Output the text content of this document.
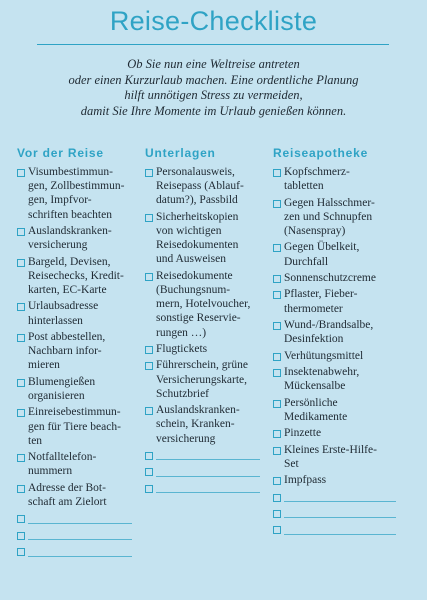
Reise-Checkliste
Ob Sie nun eine Weltreise antreten
oder einen Kurzurlaub machen. Eine ordentliche Planung
hilft unnötigen Stress zu vermeiden,
damit Sie Ihre Momente im Urlaub genießen können.
Vor der Reise
Visumbestimmun-
gen, Zollbestimmun-
gen, Impfvor-
schriften beachten
Auslandskranken-
versicherung
Bargeld, Devisen,
Reisechecks, Kredit-
karten, EC-Karte
Urlaubsadresse
hinterlassen
Post abbestellen,
Nachbarn infor-
mieren
Blumengießen
organisieren
Einreisebestimmun-
gen für Tiere beach-
ten
Notfalltelefon-
nummern
Adresse der Bot-
schaft am Zielort
Unterlagen
Personalausweis,
Reisepass (Ablauf-
datum?), Passbild
Sicherheitskopien
von wichtigen
Reisedokumenten
und Ausweisen
Reisedokumente
(Buchungsnum-
mern, Hotelvoucher,
sonstige Reservie-
rungen …)
Flugtickets
Führerschein, grüne
Versicherungskarte,
Schutzbrief
Auslandskranken-
schein, Kranken-
versicherung
Reiseapotheke
Kopfschmerz-
tabletten
Gegen Halsschmer-
zen und Schnupfen
(Nasenspray)
Gegen Übelkeit,
Durchfall
Sonnenschutzcreme
Pflaster, Fieber-
thermometer
Wund-/Brandsalbe,
Desinfektion
Verhütungsmittel
Insektenabwehr,
Mückensalbe
Persönliche
Medikamente
Pinzette
Kleines Erste-Hilfe-
Set
Impfpass
